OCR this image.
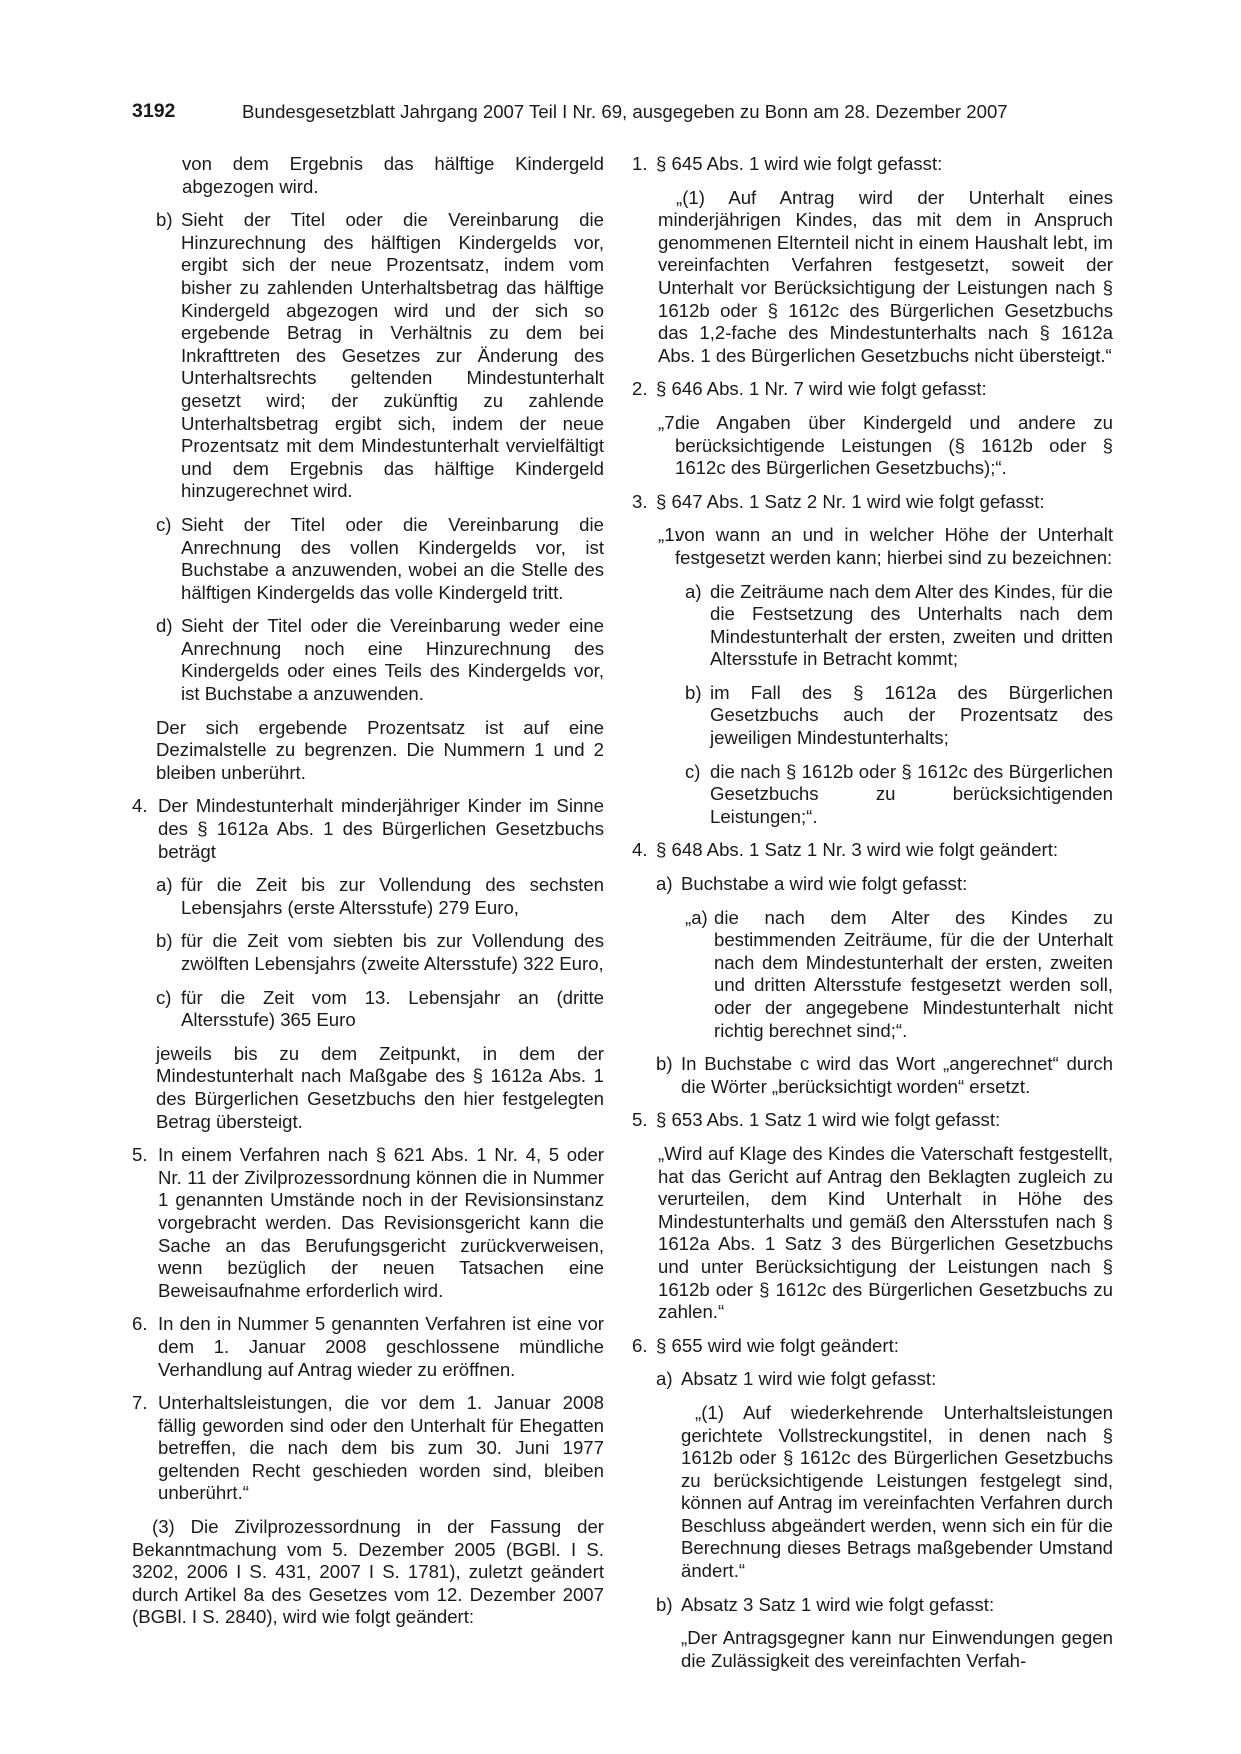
3192	Bundesgesetzblatt Jahrgang 2007 Teil I Nr. 69, ausgegeben zu Bonn am 28. Dezember 2007

von dem Ergebnis das hälftige Kindergeld abgezogen wird.

b) Sieht der Titel oder die Vereinbarung die Hinzurechnung des hälftigen Kindergelds vor, ergibt sich der neue Prozentsatz, indem vom bisher zu zahlenden Unterhaltsbetrag das hälftige Kindergeld abgezogen wird und der sich so ergebende Betrag in Verhältnis zu dem bei Inkrafttreten des Gesetzes zur Änderung des Unterhaltsrechts geltenden Mindestunterhalt gesetzt wird; der zukünftig zu zahlende Unterhaltsbetrag ergibt sich, indem der neue Prozentsatz mit dem Mindestunterhalt vervielfältigt und dem Ergebnis das hälftige Kindergeld hinzugerechnet wird.
c) Sieht der Titel oder die Vereinbarung die Anrechnung des vollen Kindergelds vor, ist Buchstabe a anzuwenden, wobei an die Stelle des hälftigen Kindergelds das volle Kindergeld tritt.
d) Sieht der Titel oder die Vereinbarung weder eine Anrechnung noch eine Hinzurechnung des Kindergelds oder eines Teils des Kindergelds vor, ist Buchstabe a anzuwenden.

Der sich ergebende Prozentsatz ist auf eine Dezimalstelle zu begrenzen. Die Nummern 1 und 2 bleiben unberührt.

4. Der Mindestunterhalt minderjähriger Kinder im Sinne des § 1612a Abs. 1 des Bürgerlichen Gesetzbuchs beträgt
a) für die Zeit bis zur Vollendung des sechsten Lebensjahrs (erste Altersstufe) 279 Euro,
b) für die Zeit vom siebten bis zur Vollendung des zwölften Lebensjahrs (zweite Altersstufe) 322 Euro,
c) für die Zeit vom 13. Lebensjahr an (dritte Altersstufe) 365 Euro

jeweils bis zu dem Zeitpunkt, in dem der Mindestunterhalt nach Maßgabe des § 1612a Abs. 1 des Bürgerlichen Gesetzbuchs den hier festgelegten Betrag übersteigt.

5. In einem Verfahren nach § 621 Abs. 1 Nr. 4, 5 oder Nr. 11 der Zivilprozessordnung können die in Nummer 1 genannten Umstände noch in der Revisionsinstanz vorgebracht werden. Das Revisionsgericht kann die Sache an das Berufungsgericht zurückverweisen, wenn bezüglich der neuen Tatsachen eine Beweisaufnahme erforderlich wird.
6. In den in Nummer 5 genannten Verfahren ist eine vor dem 1. Januar 2008 geschlossene mündliche Verhandlung auf Antrag wieder zu eröffnen.
7. Unterhaltsleistungen, die vor dem 1. Januar 2008 fällig geworden sind oder den Unterhalt für Ehegatten betreffen, die nach dem bis zum 30. Juni 1977 geltenden Recht geschieden worden sind, bleiben unberührt.“

(3) Die Zivilprozessordnung in der Fassung der Bekanntmachung vom 5. Dezember 2005 (BGBl. I S. 3202, 2006 I S. 431, 2007 I S. 1781), zuletzt geändert durch Artikel 8a des Gesetzes vom 12. Dezember 2007 (BGBl. I S. 2840), wird wie folgt geändert:

1. § 645 Abs. 1 wird wie folgt gefasst:

„(1) Auf Antrag wird der Unterhalt eines minderjährigen Kindes, das mit dem in Anspruch genommenen Elternteil nicht in einem Haushalt lebt, im vereinfachten Verfahren festgesetzt, soweit der Unterhalt vor Berücksichtigung der Leistungen nach § 1612b oder § 1612c des Bürgerlichen Gesetzbuchs das 1,2-fache des Mindestunterhalts nach § 1612a Abs. 1 des Bürgerlichen Gesetzbuchs nicht übersteigt.“

2. § 646 Abs. 1 Nr. 7 wird wie folgt gefasst:
„7.
die Angaben über Kindergeld und andere zu berücksichtigende Leistungen (§ 1612b oder § 1612c des Bürgerlichen Gesetzbuchs);“.
3. § 647 Abs. 1 Satz 2 Nr. 1 wird wie folgt gefasst:
„1.
von wann an und in welcher Höhe der Unterhalt festgesetzt werden kann; hierbei sind zu bezeichnen:
a) die Zeiträume nach dem Alter des Kindes, für die die Festsetzung des Unterhalts nach dem Mindestunterhalt der ersten, zweiten und dritten Altersstufe in Betracht kommt;
b) im Fall des § 1612a des Bürgerlichen Gesetzbuchs auch der Prozentsatz des jeweiligen Mindestunterhalts;
c) die nach § 1612b oder § 1612c des Bürgerlichen Gesetzbuchs zu berücksichtigenden Leistungen;“.
4. § 648 Abs. 1 Satz 1 Nr. 3 wird wie folgt geändert:
a) Buchstabe a wird wie folgt gefasst:
„a) die nach dem Alter des Kindes zu bestimmenden Zeiträume, für die der Unterhalt nach dem Mindestunterhalt der ersten, zweiten und dritten Altersstufe festgesetzt werden soll, oder der angegebene Mindestunterhalt nicht richtig berechnet sind;“.
b) In Buchstabe c wird das Wort „angerechnet“ durch die Wörter „berücksichtigt worden“ ersetzt.
5. § 653 Abs. 1 Satz 1 wird wie folgt gefasst:

„Wird auf Klage des Kindes die Vaterschaft festgestellt, hat das Gericht auf Antrag den Beklagten zugleich zu verurteilen, dem Kind Unterhalt in Höhe des Mindestunterhalts und gemäß den Altersstufen nach § 1612a Abs. 1 Satz 3 des Bürgerlichen Gesetzbuchs und unter Berücksichtigung der Leistungen nach § 1612b oder § 1612c des Bürgerlichen Gesetzbuchs zu zahlen.“

6. § 655 wird wie folgt geändert:
a) Absatz 1 wird wie folgt gefasst:

„(1) Auf wiederkehrende Unterhaltsleistungen gerichtete Vollstreckungstitel, in denen nach § 1612b oder § 1612c des Bürgerlichen Gesetzbuchs zu berücksichtigende Leistungen festgelegt sind, können auf Antrag im vereinfachten Verfahren durch Beschluss abgeändert werden, wenn sich ein für die Berechnung dieses Betrags maßgebender Umstand ändert.“

b) Absatz 3 Satz 1 wird wie folgt gefasst:

„Der Antragsgegner kann nur Einwendungen gegen die Zulässigkeit des vereinfachten Verfah-
